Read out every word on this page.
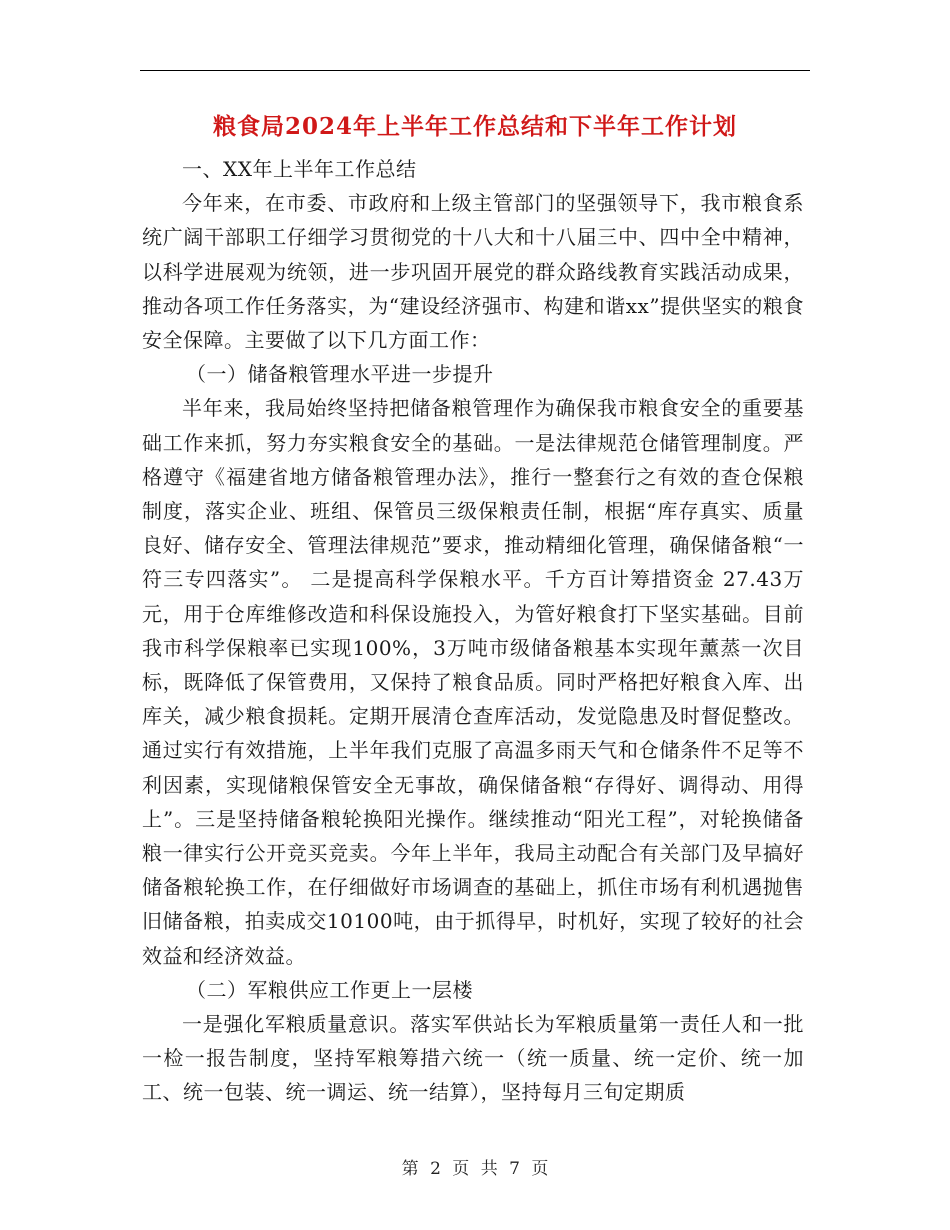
粮食局2024年上半年工作总结和下半年工作计划

一、XX年上半年工作总结

今年来，在市委、市政府和上级主管部门的坚强领导下，我市粮食系统广阔干部职工仔细学习贯彻党的十八大和十八届三中、四中全中精神，以科学进展观为统领，进一步巩固开展党的群众路线教育实践活动成果，推动各项工作任务落实，为“建设经济强市、构建和谐xx”提供坚实的粮食安全保障。主要做了以下几方面工作：

（一）储备粮管理水平进一步提升

半年来，我局始终坚持把储备粮管理作为确保我市粮食安全的重要基础工作来抓，努力夯实粮食安全的基础。一是法律规范仓储管理制度。严格遵守《福建省地方储备粮管理办法》，推行一整套行之有效的查仓保粮制度，落实企业、班组、保管员三级保粮责任制，根据“库存真实、质量良好、储存安全、管理法律规范”要求，推动精细化管理，确保储备粮“一符三专四落实”。 二是提高科学保粮水平。千方百计筹措资金 27.43万元，用于仓库维修改造和科保设施投入，为管好粮食打下坚实基础。目前我市科学保粮率已实现100%，3万吨市级储备粮基本实现年薰蒸一次目标，既降低了保管费用，又保持了粮食品质。同时严格把好粮食入库、出库关，减少粮食损耗。定期开展清仓查库活动，发觉隐患及时督促整改。通过实行有效措施，上半年我们克服了高温多雨天气和仓储条件不足等不利因素，实现储粮保管安全无事故，确保储备粮“存得好、调得动、用得上”。三是坚持储备粮轮换阳光操作。继续推动“阳光工程”，对轮换储备粮一律实行公开竞买竞卖。今年上半年，我局主动配合有关部门及早搞好储备粮轮换工作，在仔细做好市场调查的基础上，抓住市场有利机遇抛售旧储备粮，拍卖成交10100吨，由于抓得早，时机好，实现了较好的社会效益和经济效益。

（二）军粮供应工作更上一层楼

一是强化军粮质量意识。落实军供站长为军粮质量第一责任人和一批一检一报告制度，坚持军粮筹措六统一（统一质量、统一定价、统一加工、统一包装、统一调运、统一结算），坚持每月三旬定期质

第 2 页 共 7 页
